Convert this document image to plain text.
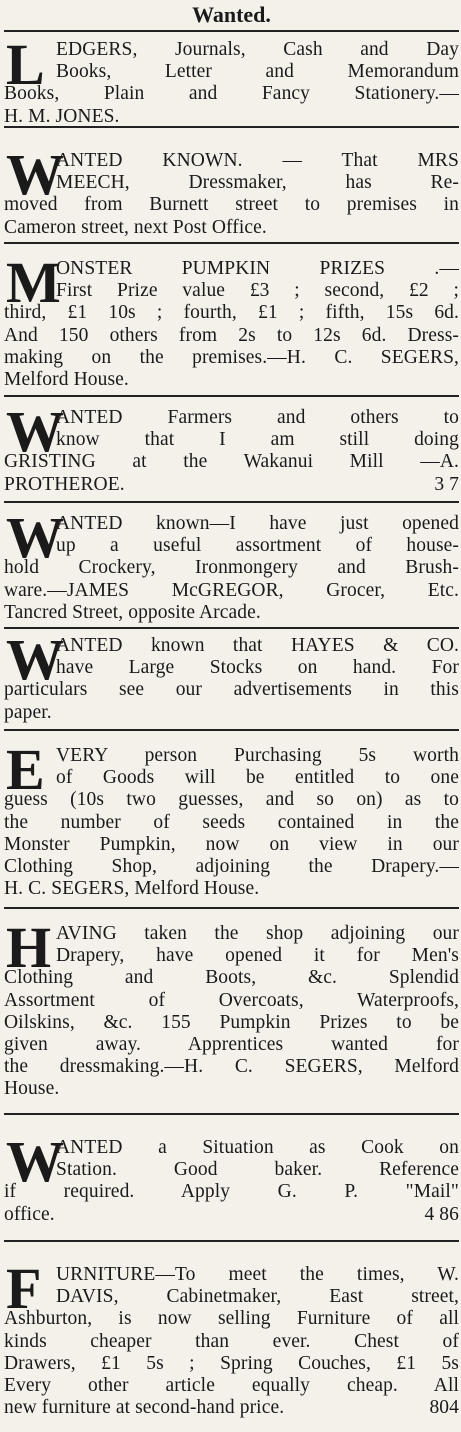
Wanted.
L EDGERS, Journals, Cash and Day
Books, Letter and Memorandum
Books, Plain and Fancy Stationery.—
H. M. JONES.
W
ANTED KNOWN. — That MRS
MEECH, Dressmaker, has Re-
moved from Burnett street to premises in
Cameron street, next Post Office.
M
ONSTER PUMPKIN PRIZES .—
First Prize value £3 ; second, £2 ;
third, £1 10s ; fourth, £1 ; fifth, 15s 6d.
And 150 others from 2s to 12s 6d. Dress-
making on the premises.—H. C. SEGERS,
Melford House.
W
ANTED Farmers and others to
know that I am still doing
GRISTING at the Wakanui Mill —A.
PROTHEROE.	3 7
W
ANTED known—I have just opened
up a useful assortment of house-
hold Crockery, Ironmongery and Brush-
ware.—JAMES McGREGOR, Grocer, Etc.
Tancred Street, opposite Arcade.
W
ANTED known that HAYES & CO.
have Large Stocks on hand. For
particulars see our advertisements in this
paper.
E VERY person Purchasing 5s worth
of Goods will be entitled to one
guess (10s two guesses, and so on) as to
the number of seeds contained in the
Monster Pumpkin, now on view in our
Clothing Shop, adjoining the Drapery.—
H. C. SEGERS, Melford House.
H AVING taken the shop adjoining our
Drapery, have opened it for Men's
Clothing and Boots, &c. Splendid
Assortment of Overcoats, Waterproofs,
Oilskins, &c. 155 Pumpkin Prizes to be
given away. Apprentices wanted for
the dressmaking.—H. C. SEGERS, Melford
House.
W
ANTED a Situation as Cook on
Station. Good baker. Reference
if required. Apply G. P. "Mail"
office.	4 86
F URNITURE—To meet the times, W.
DAVIS, Cabinetmaker, East street,
Ashburton, is now selling Furniture of all
kinds cheaper than ever. Chest of
Drawers, £1 5s ; Spring Couches, £1 5s
Every other article equally cheap. All
new furniture at second-hand price.	804
